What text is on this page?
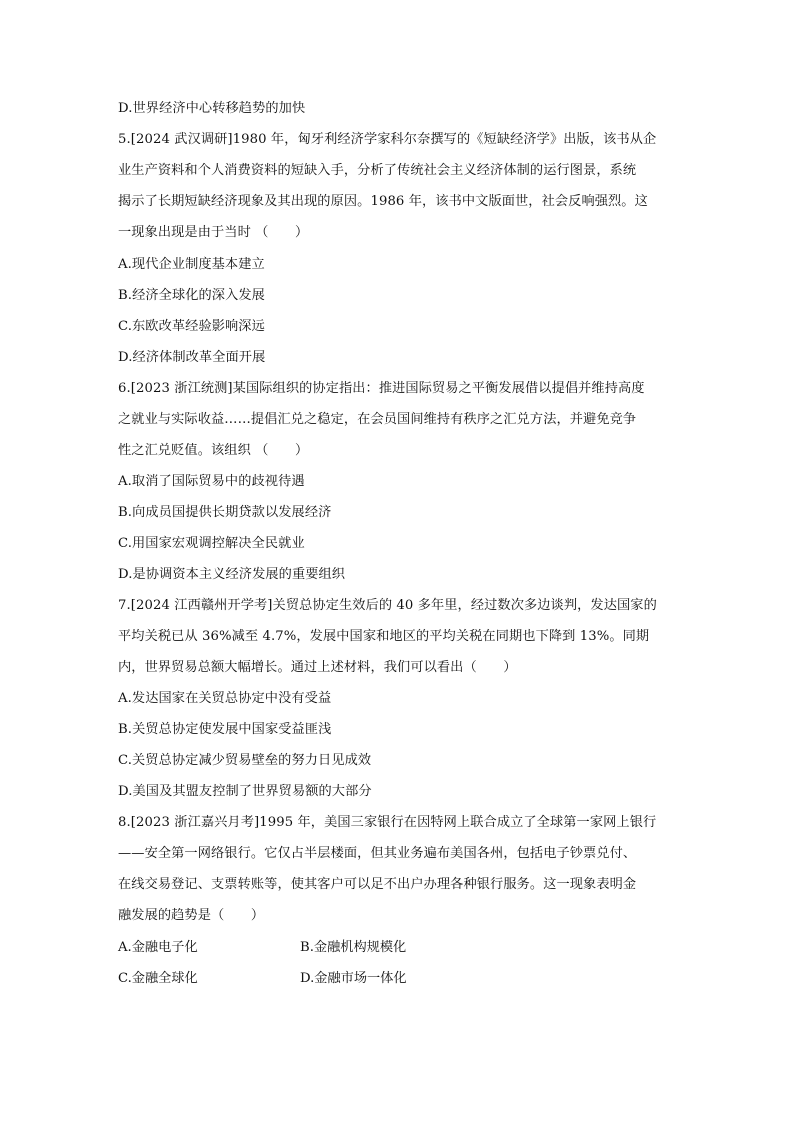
D.世界经济中心转移趋势的加快
5.[2024 武汉调研]1980 年，匈牙利经济学家科尔奈撰写的《短缺经济学》出版，该书从企
业生产资料和个人消费资料的短缺入手，分析了传统社会主义经济体制的运行图景，系统
揭示了长期短缺经济现象及其出现的原因。1986 年，该书中文版面世，社会反响强烈。这
一现象出现是由于当时 （　　）
A.现代企业制度基本建立
B.经济全球化的深入发展
C.东欧改革经验影响深远
D.经济体制改革全面开展
6.[2023 浙江统测]某国际组织的协定指出：推进国际贸易之平衡发展借以提倡并维持高度
之就业与实际收益……提倡汇兑之稳定，在会员国间维持有秩序之汇兑方法，并避免竞争
性之汇兑贬值。该组织 （　　）
A.取消了国际贸易中的歧视待遇
B.向成员国提供长期贷款以发展经济
C.用国家宏观调控解决全民就业
D.是协调资本主义经济发展的重要组织
7.[2024 江西赣州开学考]关贸总协定生效后的 40 多年里，经过数次多边谈判，发达国家的
平均关税已从 36%减至 4.7%，发展中国家和地区的平均关税在同期也下降到 13%。同期
内，世界贸易总额大幅增长。通过上述材料，我们可以看出（　　）
A.发达国家在关贸总协定中没有受益
B.关贸总协定使发展中国家受益匪浅
C.关贸总协定减少贸易壁垒的努力日见成效
D.美国及其盟友控制了世界贸易额的大部分
8.[2023 浙江嘉兴月考]1995 年，美国三家银行在因特网上联合成立了全球第一家网上银行
——安全第一网络银行。它仅占半层楼面，但其业务遍布美国各州，包括电子钞票兑付、
在线交易登记、支票转账等，使其客户可以足不出户办理各种银行服务。这一现象表明金
融发展的趋势是（　　）
A.金融电子化	B.金融机构规模化
C.金融全球化	D.金融市场一体化
